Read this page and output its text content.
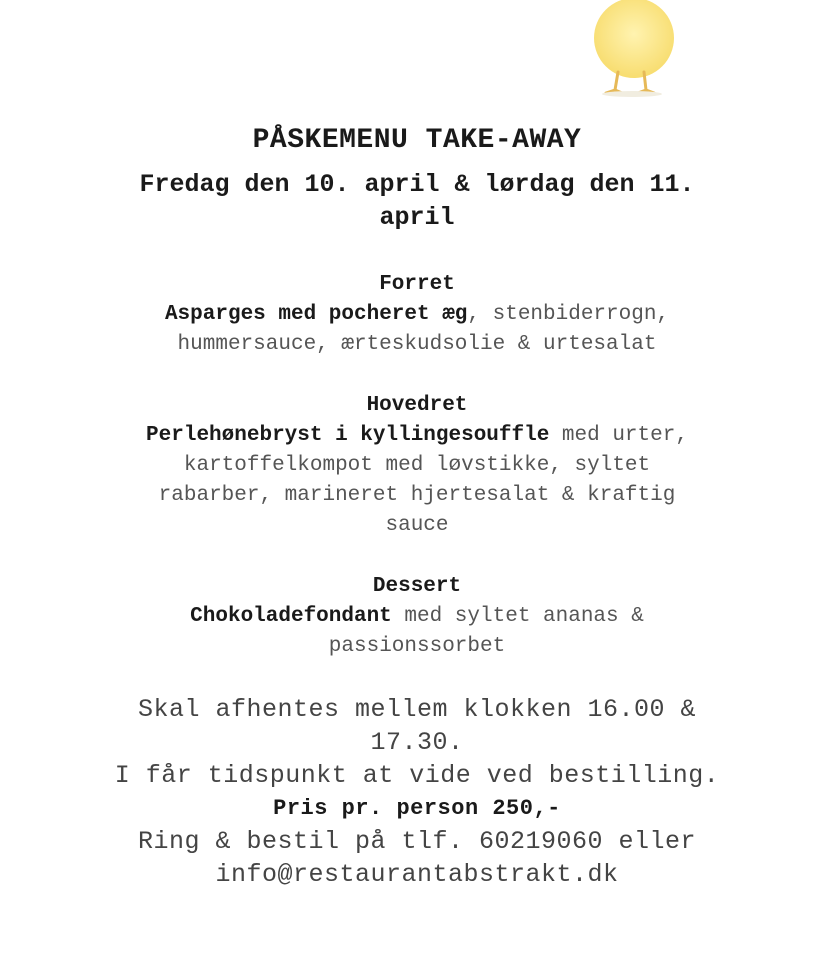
PÅSKEMENU TAKE-AWAY
Fredag den 10. april & lørdag den 11.
april
Forret
Asparges med pocheret æg, stenbiderrogn,
hummersauce, ærteskudsolie & urtesalat
Hovedret
Perlehønebryst i kyllingesouffle med urter,
kartoffelkompot med løvstikke, syltet
rabarber, marineret hjertesalat & kraftig
sauce
Dessert
Chokoladefondant med syltet ananas &
passionssorbet
Skal afhentes mellem klokken 16.00 &
17.30.
I får tidspunkt at vide ved bestilling.
Pris pr. person 250,-
Ring & bestil på tlf. 60219060 eller
info@restaurantabstrakt.dk
